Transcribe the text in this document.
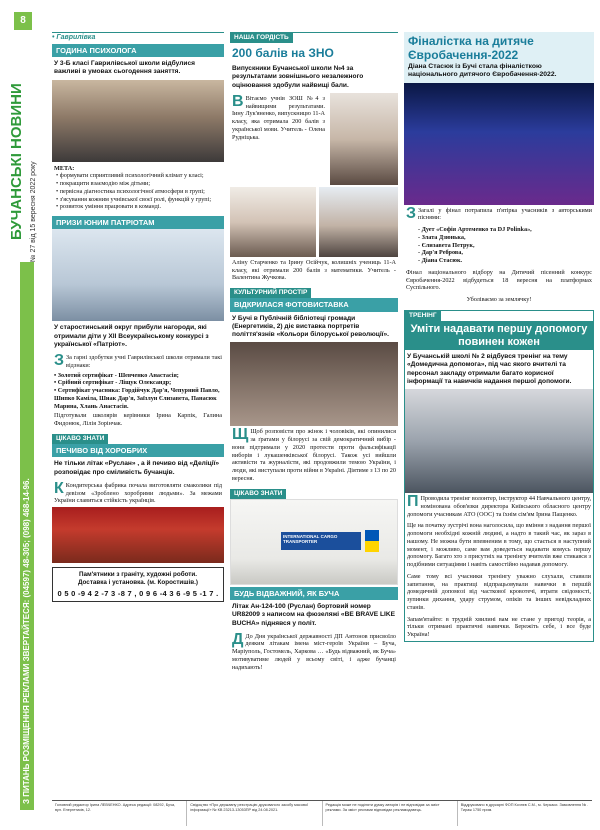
8
БУЧАНСЬКІ НОВИНИ № 27 від 15 вересня 2022 року
З ПИТАНЬ РОЗМІЩЕННЯ РЕКЛАМИ ЗВЕРТАЙТЕСЯ: (04597) 48-305; (098) 468-14-96.
• Гаврилівка
ГОДИНА ПСИХОЛОГА
У 3-Б класі Гаврилівської школи відбулися важливі в умовах сьогодення заняття.
МЕТА:
• формувати сприятливий психологічний клімат у класі;
• покращити взаємодію між дітьми;
• первісна діагностика психологічної атмосфери в групі;
• з'ясування кожним учнівської своєї ролі, функцій у групі;
• розвиток уміння працювати в команді.
ПРИЗИ ЮНИМ ПАТРІОТАМ
У старостинський округ прибули нагороди, які отримали діти у XII Всеукраїнському конкурсі з української «Патріот».
З За гарні здобутки учні Гаврилівської школи отримали такі відзнаки:
• Золотий сертифікат - Шевченко Анастасія;
• Срібний сертифікат - Ліщук Олександр;
• Сертифікат учасника: Гордійчук Дар'я, Чепурний Павло, Шипко Каміла, Шиак Дар'я, Заїзлун Єлизавета, Панасюк Марина, Хлань Анастасія.
Підготували школярів керівники Ірина Карпік, Галина Фидонюк, Лілія Зорінчак.
ЦІКАВО ЗНАТИ
ПЕЧИВО ВІД ХОРОБРИХ
Не тільки літак «Руслан» , а й печиво від «Деліції» розповідає про сміливість бучанців.
К Кондитерська фабрика почала виготовляти смаколики під девізом «Зроблено хоробрими людьми». За межами України славиться стійкість українців.
Пам'ятники з граніту, художні роботи.
Доставка і установка. (м. Коростишів.)
0 5 0 -9 4 2 -7 3 -8 7 , 0 9 6 -4 3 6 -9 5 -1 7 .
НАША ГОРДІСТЬ
200 балів на ЗНО
Випускники Бучанської школи №4 за результатами зовнішнього незалежного оцінювання здобули найвищі бали.
В Вітаємо учнів ЗОШ №4 з найвищими результатами. Іину Лук'яненко, випускницю 11-А класу, яка отримала 200 балів з української мови. Учитель - Олена Руднiцька.
Аліну Старченко та Ірину Осійчук, колишніх учениць 11-А класу, які отримали 200 балів з математики. Учитель - Валентина Жучкова.
КУЛЬТУРНИЙ ПРОСТІР
ВІДКРИЛАСЯ ФОТОВИСТАВКА
У Бучі в Публічній бібліотеці громади (Енергетиків, 2) діє виставка портретів поліття'язнів «Кольори білоруської революції».
Щ Щоб розповісти про жінок і чоловіків, які опинилися за ґратами у білорусі за свій демократичний вибір - вони підтримали у 2020 протести проти фальсифікації виборів і лукашенківської білорусі. Також усі вийшли активісти та журналісти, які продовжили темою України, і люди, які виступали проти війни в Україні. Діятиме з 13 по 20 вересня.
ЦІКАВО ЗНАТИ
INTERNATIONAL CARGO TRANSPORTER
БУДЬ ВІДВАЖНИЙ, ЯК БУЧА
Літак Ан-124-100 (Руслан) бортовий номер UR82009 з написом на фюзеляжі «BE BRAVE LIKE BUCHA» піднявся у політ.
Д До Дня української державності ДП Антонов присвоїло деяким літакам імена міст-героїв України – Буча, Маріуполь, Гостомель, Харкова … «Будь відважний, як Буча» мотивуватиме людей у всьому світі, і адже бучанці надихають!
Фіналістка на дитяче Євробачення-2022

Діана Стасюк із Бучі стала фіналісткою національного дитячого Євробачення-2022.

З Загалі у фінал потрапила п'ятірка учасників з авторськими піснями:
- Дует «Софія Артеменко та DJ Polinka»,
- Злата Дзюнька,
- Єлизавета Петрук,
- Дар'я Реброва,
- Діана Стасюк.
Фінал національного відбору на Дитячий пісенний конкурс Євробачення-2022 відбудеться 18 вересня на платформах Суспільного.
Уболіваємо за землячку!
ТРЕНІНГ
Уміти надавати першу допомогу повинен кожен
У Бучанській школі № 2 відбувся тренінг на тему «Домедична допомога», під час якого вчителі та персонал закладу отримали багато корисної інформації та навичків надання першої допомоги.
П Проводила тренінг волонтер, інструктор 44 Навчального центру, номінована обов'язки директора Київського обласного центру допомоги учасникам АТО (ООС) та їхнім сім'ям Ірина Пащенко.
Ще на початку зустрічі вона наголосила, що вміння з надання першої допомоги необхідні кожній людині, а надто в такий час, як зараз в нашому. Не можна бути впевненим в тому, що стається в наступний момент, і можливо, саме вам доведеться надавати комусь першу допомогу. Багато хто з присутніх на тренінгу вчителів вже стикався з подібними ситуаціями і навіть самостійно надавав допомогу.
Саме тому всі учасники тренінгу уважно слухали, ставили запитання, на практиці відпрацьовували навички в першій домедичній допомозі від часткової кровотечі, втрати свідомості, зупинки дихання, удару струмом, опіків та інших невідкладних станів.
Запам'ятайте: в трудній хвилині вам не стане у пригоді теорія, а тільки отримані практичні навички. Бережіть себе, і все буде Україна!
Головний редактор Ірина ЛЕВЧЕНКО. Адреса редакції: 08292, Буча, вул. Енергетиків, 12.
Свідоцтво «Про державну реєстрацію друкованого засобу масової інформації» № КВ 23213-13053ПР від 24.08.2021.
Редакція може не поділяти думку авторів і не відповідає за зміст реклами. За зміст реклами відповідає рекламодавець.
Віддруковано в друкарні ФОП Кочнєв С.М., м. Черкаси. Замовлення № . Тираж 1750 прим.
